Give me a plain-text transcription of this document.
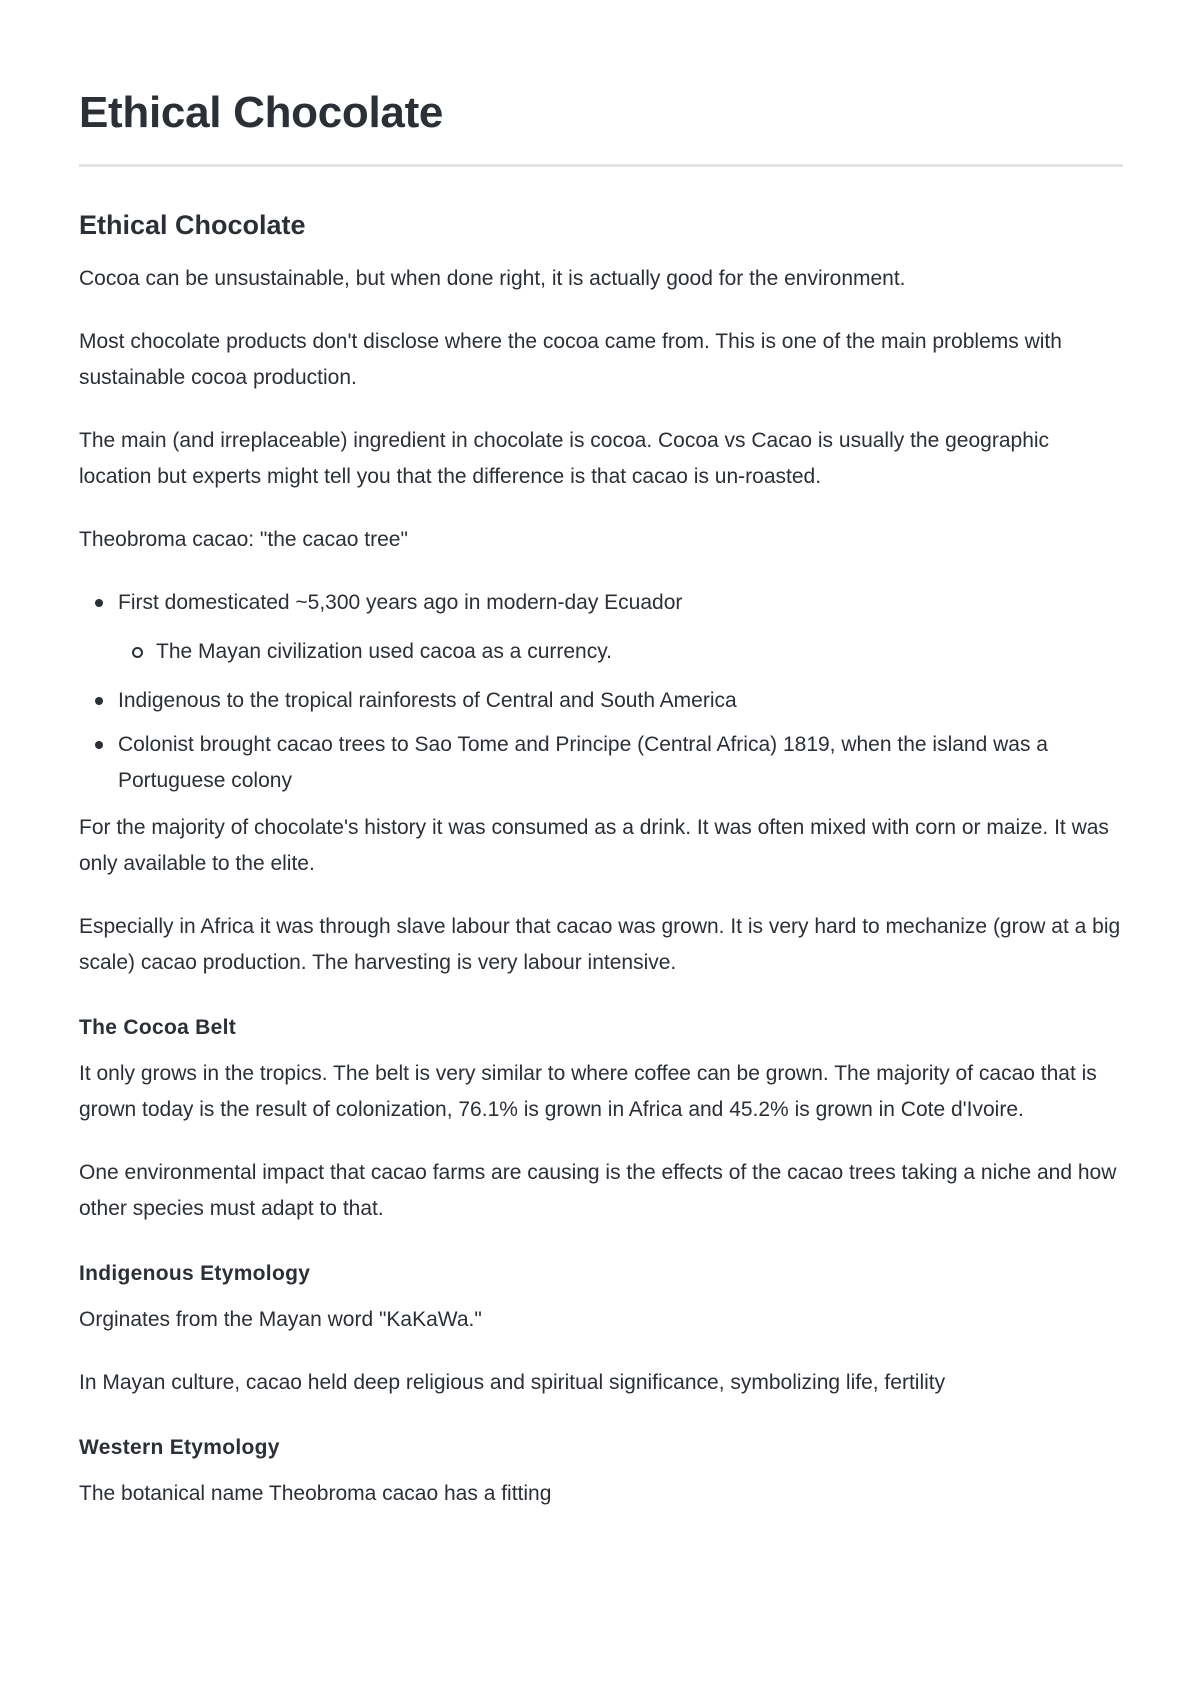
Ethical Chocolate
Ethical Chocolate

Cocoa can be unsustainable, but when done right, it is actually good for the environment.

Most chocolate products don't disclose where the cocoa came from. This is one of the main problems with sustainable cocoa production.

The main (and irreplaceable) ingredient in chocolate is cocoa. Cocoa vs Cacao is usually the geographic location but experts might tell you that the difference is that cacao is un-roasted.

Theobroma cacao: "the cacao tree"

First domesticated ~5,300 years ago in modern-day Ecuador
The Mayan civilization used cacoa as a currency.
Indigenous to the tropical rainforests of Central and South America
Colonist brought cacao trees to Sao Tome and Principe (Central Africa) 1819, when the island was a Portuguese colony

For the majority of chocolate's history it was consumed as a drink. It was often mixed with corn or maize. It was only available to the elite.

Especially in Africa it was through slave labour that cacao was grown. It is very hard to mechanize (grow at a big scale) cacao production. The harvesting is very labour intensive.

The Cocoa Belt

It only grows in the tropics. The belt is very similar to where coffee can be grown. The majority of cacao that is grown today is the result of colonization, 76.1% is grown in Africa and 45.2% is grown in Cote d'Ivoire.

One environmental impact that cacao farms are causing is the effects of the cacao trees taking a niche and how other species must adapt to that.

Indigenous Etymology

Orginates from the Mayan word "KaKaWa."

In Mayan culture, cacao held deep religious and spiritual significance, symbolizing life, fertility

Western Etymology

The botanical name Theobroma cacao has a fitting
